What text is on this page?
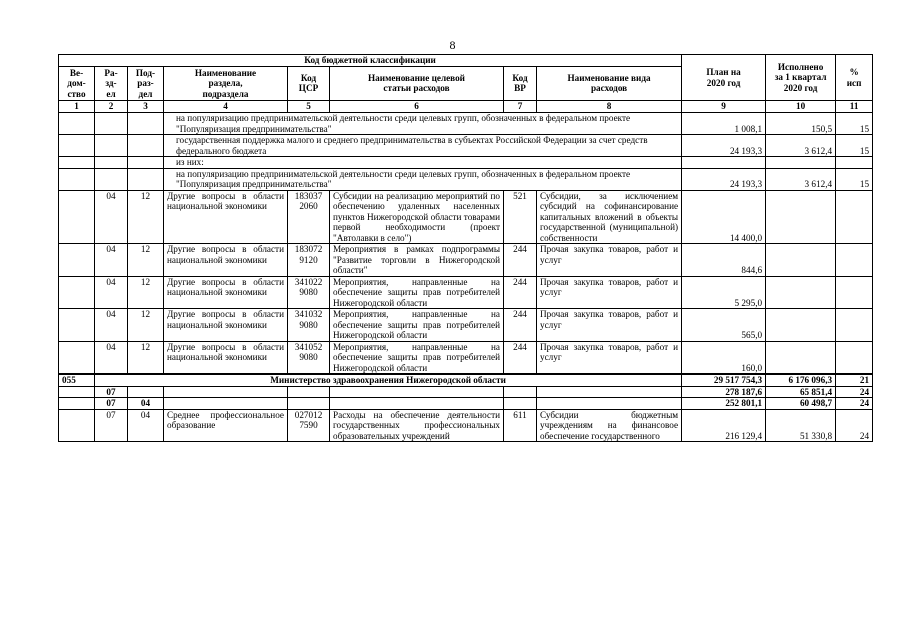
8
Код бюджетной классификации								План на
2020 год	Исполнено
за 1 квартал
2020 год	%
исп
Ве-
дом-
ство	Ра-
зд-
ел	Под-
раз-
дел	Наименование
раздела,
подраздела	Код
ЦСР	Наименование целевой
статьи расходов	Код
ВР	Наименование вида
расходов			
1	2	3	4	5	6	7	8	9	10	11
			на популяризацию предпринимательской деятельности среди целевых групп, обозначенных в федеральном проекте "Популяризация предпринимательства"					1 008,1	150,5	15
			государственная поддержка малого и среднего предпринимательства в субъектах Российской Федерации за счет средств федерального бюджета					24 193,3	3 612,4	15
			из них:							
			на популяризацию предпринимательской деятельности среди целевых групп, обозначенных в федеральном проекте "Популяризация предпринимательства"					24 193,3	3 612,4	15
	04	12	Другие вопросы в области национальной экономики	183037 2060	Субсидии на реализацию мероприятий по обеспечению удаленных населенных пунктов Нижегородской области товарами первой необходимости (проект "Автолавки в село")	521	Субсидии, за исключением субсидий на софинансирование капитальных вложений в объекты государственной (муниципальной) собственности	14 400,0		
	04	12	Другие вопросы в области национальной экономики	183072 9120	Мероприятия в рамках подпрограммы "Развитие торговли в Нижегородской области"	244	Прочая закупка товаров, работ и услуг	844,6		
	04	12	Другие вопросы в области национальной экономики	341022 9080	Мероприятия, направленные на обеспечение защиты прав потребителей Нижегородской области	244	Прочая закупка товаров, работ и услуг	5 295,0		
	04	12	Другие вопросы в области национальной экономики	341032 9080	Мероприятия, направленные на обеспечение защиты прав потребителей Нижегородской области	244	Прочая закупка товаров, работ и услуг	565,0		
	04	12	Другие вопросы в области национальной экономики	341052 9080	Мероприятия, направленные на обеспечение защиты прав потребителей Нижегородской области	244	Прочая закупка товаров, работ и услуг	160,0		
055	Министерство здравоохранения Нижегородской области							29 517 754,3	6 176 096,3	21
	07							278 187,6	65 851,4	24
	07	04						252 801,1	60 498,7	24
	07	04	Среднее профессиональное образование	027012 7590	Расходы на обеспечение деятельности государственных профессиональных образовательных учреждений	611	Субсидии бюджетным учреждениям на финансовое обеспечение государственного	216 129,4	51 330,8	24
